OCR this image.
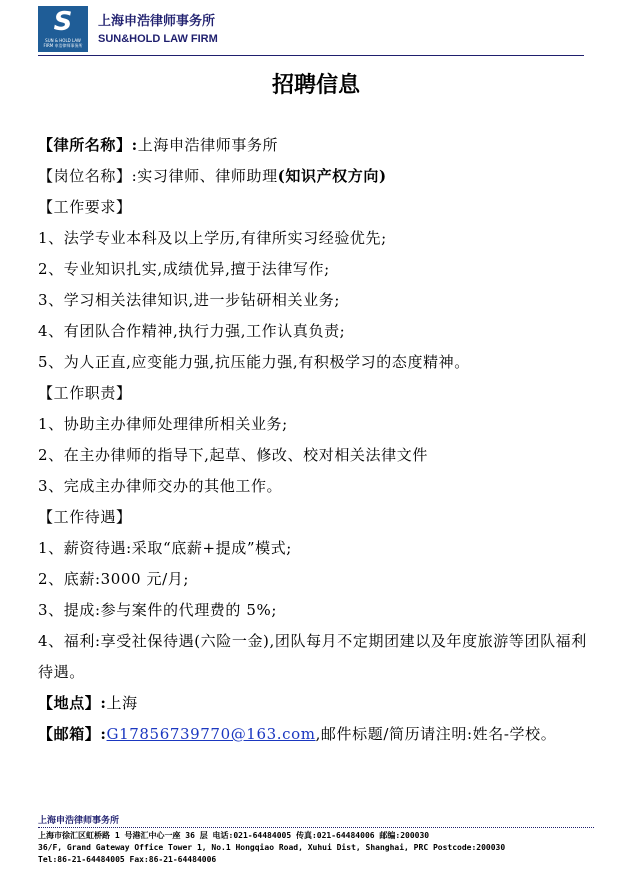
S
SUN & HOLD LAW FIRM 申浩律师事务所
上海申浩律师事务所
SUN&HOLD LAW FIRM
招聘信息
【律所名称】:上海申浩律师事务所
【岗位名称】:实习律师、律师助理(知识产权方向)
【工作要求】
1、法学专业本科及以上学历,有律所实习经验优先;
2、专业知识扎实,成绩优异,擅于法律写作;
3、学习相关法律知识,进一步钻研相关业务;
4、有团队合作精神,执行力强,工作认真负责;
5、为人正直,应变能力强,抗压能力强,有积极学习的态度精神。
【工作职责】
1、协助主办律师处理律所相关业务;
2、在主办律师的指导下,起草、修改、校对相关法律文件
3、完成主办律师交办的其他工作。
【工作待遇】
1、薪资待遇:采取“底薪+提成”模式;
2、底薪:3000 元/月;
3、提成:参与案件的代理费的 5%;
4、福利:享受社保待遇(六险一金),团队每月不定期团建以及年度旅游等团队福利待遇。
【地点】:上海
【邮箱】:G17856739770@163.com,邮件标题/简历请注明:姓名-学校。
上海申浩律师事务所
上海市徐汇区虹桥路 1 号港汇中心一座 36 层 电话:021-64484005 传真:021-64484006 邮编:200030
36/F, Grand Gateway Office Tower 1, No.1 Hongqiao Road, Xuhui Dist, Shanghai, PRC Postcode:200030
Tel:86-21-64484005 Fax:86-21-64484006
